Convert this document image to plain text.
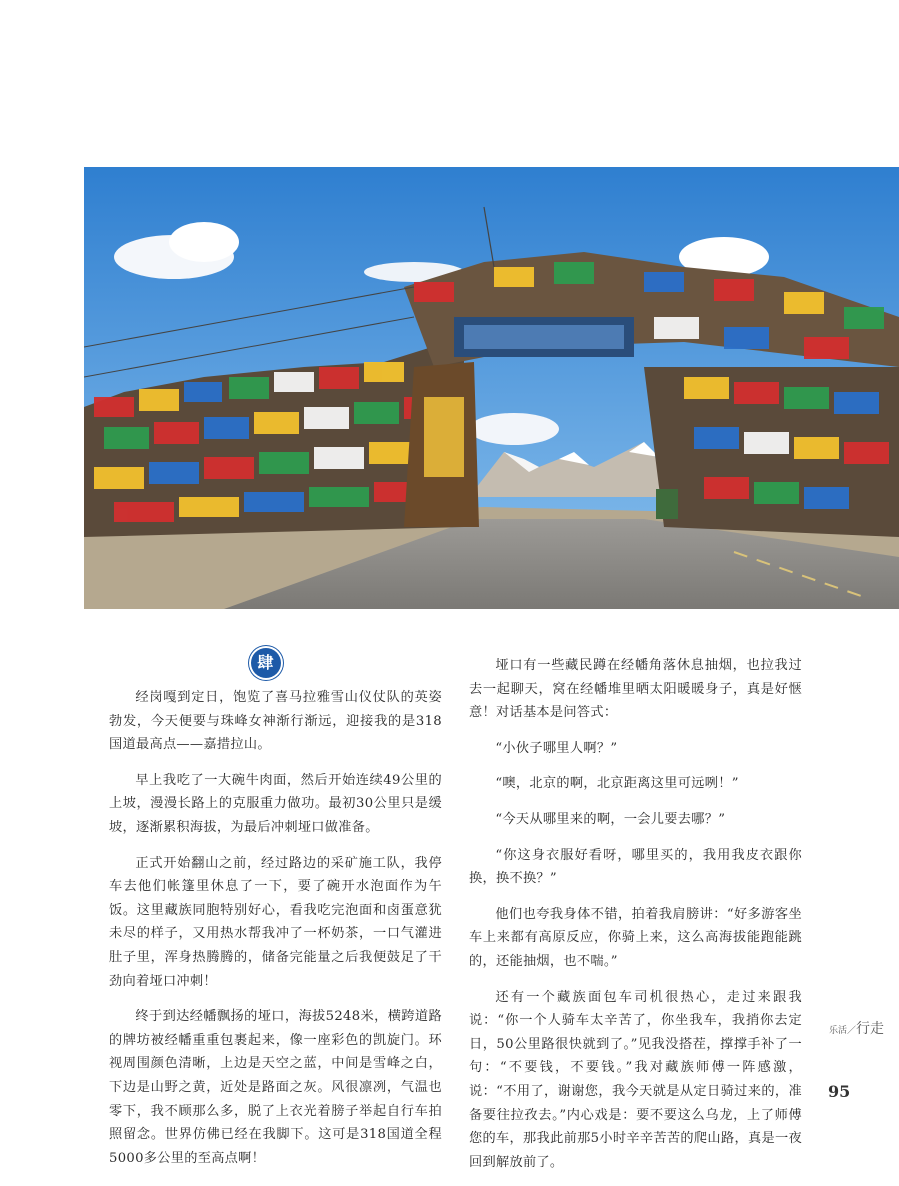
肆

经岗嘎到定日，饱览了喜马拉雅雪山仪仗队的英姿勃发，今天便要与珠峰女神渐行渐远，迎接我的是318国道最高点——嘉措拉山。

早上我吃了一大碗牛肉面，然后开始连续49公里的上坡，漫漫长路上的克服重力做功。最初30公里只是缓坡，逐渐累积海拔，为最后冲刺垭口做准备。

正式开始翻山之前，经过路边的采矿施工队，我停车去他们帐篷里休息了一下，要了碗开水泡面作为午饭。这里藏族同胞特别好心，看我吃完泡面和卤蛋意犹未尽的样子，又用热水帮我冲了一杯奶茶，一口气灌进肚子里，浑身热腾腾的，储备完能量之后我便鼓足了干劲向着垭口冲刺！

终于到达经幡飘扬的垭口，海拔5248米，横跨道路的牌坊被经幡重重包裹起来，像一座彩色的凯旋门。环视周围颜色清晰，上边是天空之蓝，中间是雪峰之白，下边是山野之黄，近处是路面之灰。风很凛冽，气温也零下，我不顾那么多，脱了上衣光着膀子举起自行车拍照留念。世界仿佛已经在我脚下。这可是318国道全程5000多公里的至高点啊！

垭口有一些藏民蹲在经幡角落休息抽烟，也拉我过去一起聊天，窝在经幡堆里晒太阳暖暖身子，真是好惬意！对话基本是问答式：

“小伙子哪里人啊？”

“噢，北京的啊，北京距离这里可远咧！”

“今天从哪里来的啊，一会儿要去哪？”

“你这身衣服好看呀，哪里买的，我用我皮衣跟你换，换不换？”

他们也夸我身体不错，拍着我肩膀讲：“好多游客坐车上来都有高原反应，你骑上来，这么高海拔能跑能跳的，还能抽烟，也不喘。”

还有一个藏族面包车司机很热心，走过来跟我说：“你一个人骑车太辛苦了，你坐我车，我捎你去定日，50公里路很快就到了。”见我没搭茬，撑撑手补了一句：“不要钱，不要钱。”我对藏族师傅一阵感激，说：“不用了，谢谢您，我今天就是从定日骑过来的，准备要往拉孜去。”内心戏是：要不要这么乌龙，上了师傅您的车，那我此前那5小时辛辛苦苦的爬山路，真是一夜回到解放前了。

乐活／行走
95
